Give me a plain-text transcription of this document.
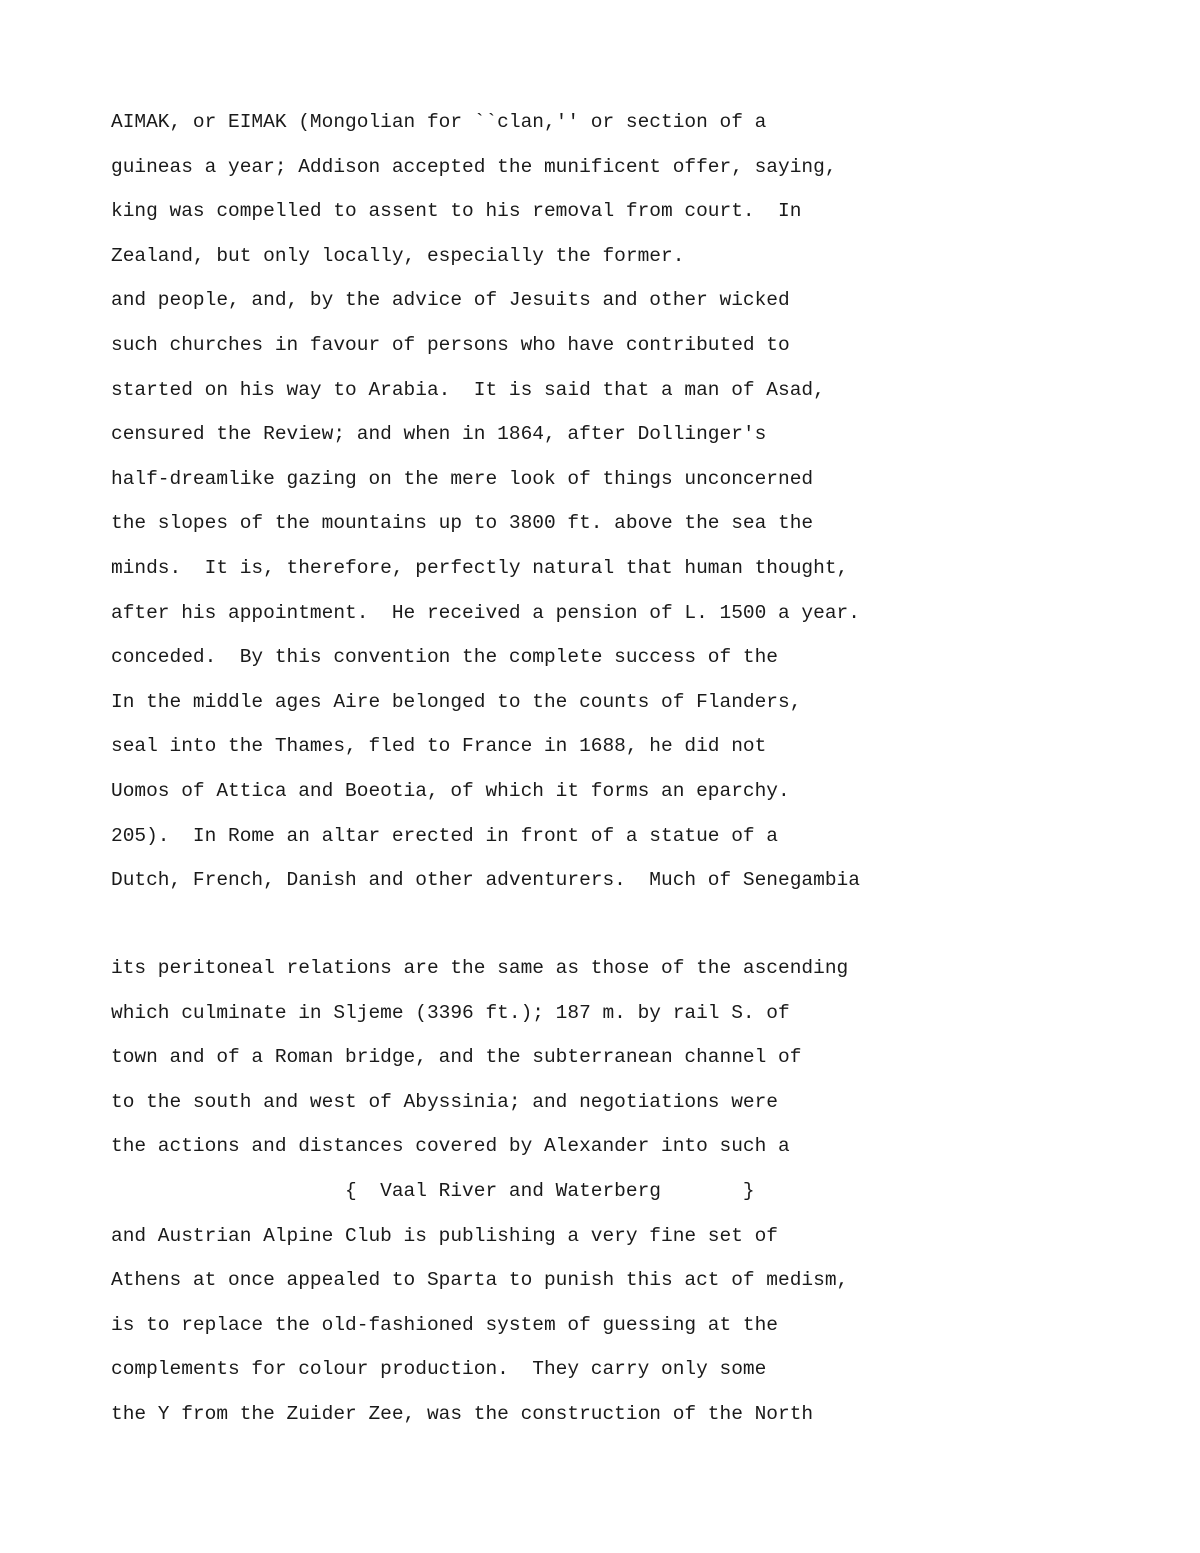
AIMAK, or EIMAK (Mongolian for ``clan,'' or section of a
guineas a year; Addison accepted the munificent offer, saying,
king was compelled to assent to his removal from court.  In
Zealand, but only locally, especially the former.
and people, and, by the advice of Jesuits and other wicked
such churches in favour of persons who have contributed to
started on his way to Arabia.  It is said that a man of Asad,
censured the Review; and when in 1864, after Dollinger's
half-dreamlike gazing on the mere look of things unconcerned
the slopes of the mountains up to 3800 ft. above the sea the
minds.  It is, therefore, perfectly natural that human thought,
after his appointment.  He received a pension of L. 1500 a year.
conceded.  By this convention the complete success of the
In the middle ages Aire belonged to the counts of Flanders,
seal into the Thames, fled to France in 1688, he did not
Uomos of Attica and Boeotia, of which it forms an eparchy.
205).  In Rome an altar erected in front of a statue of a
Dutch, French, Danish and other adventurers.  Much of Senegambia
its peritoneal relations are the same as those of the ascending
which culminate in Sljeme (3396 ft.); 187 m. by rail S. of
town and of a Roman bridge, and the subterranean channel of
to the south and west of Abyssinia; and negotiations were
the actions and distances covered by Alexander into such a
{  Vaal River and Waterberg       }
and Austrian Alpine Club is publishing a very fine set of
Athens at once appealed to Sparta to punish this act of medism,
is to replace the old-fashioned system of guessing at the
complements for colour production.  They carry only some
the Y from the Zuider Zee, was the construction of the North
